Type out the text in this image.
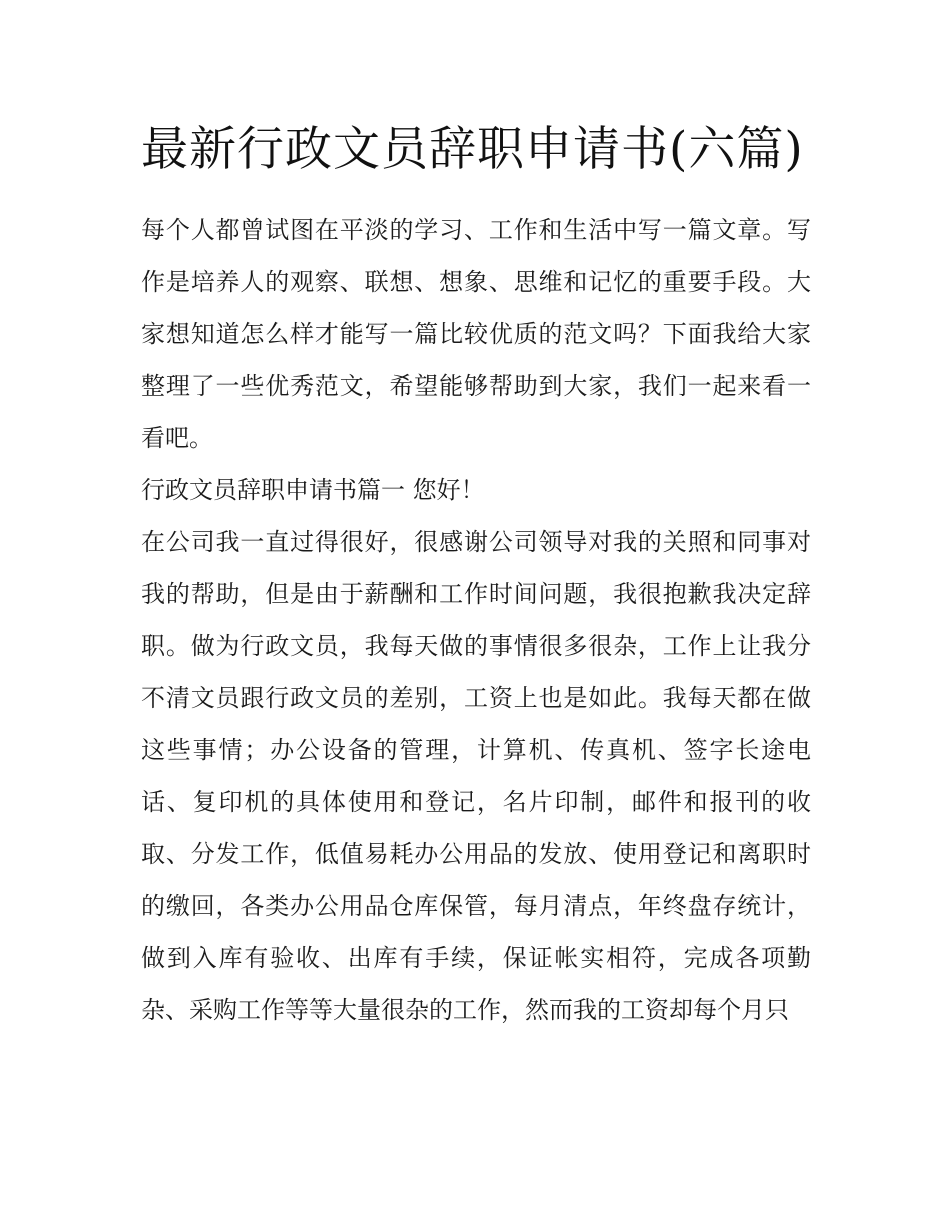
最新行政文员辞职申请书(六篇)

每个人都曾试图在平淡的学习、工作和生活中写一篇文章。写作是培养人的观察、联想、想象、思维和记忆的重要手段。大家想知道怎么样才能写一篇比较优质的范文吗？下面我给大家整理了一些优秀范文，希望能够帮助到大家，我们一起来看一看吧。

行政文员辞职申请书篇一 您好！

在公司我一直过得很好，很感谢公司领导对我的关照和同事对我的帮助，但是由于薪酬和工作时间问题，我很抱歉我决定辞职。做为行政文员，我每天做的事情很多很杂，工作上让我分不清文员跟行政文员的差别，工资上也是如此。我每天都在做这些事情；办公设备的管理，计算机、传真机、签字长途电话、复印机的具体使用和登记，名片印制，邮件和报刊的收取、分发工作，低值易耗办公用品的发放、使用登记和离职时的缴回，各类办公用品仓库保管，每月清点，年终盘存统计，做到入库有验收、出库有手续，保证帐实相符，完成各项勤杂、采购工作等等大量很杂的工作，然而我的工资却每个月只
